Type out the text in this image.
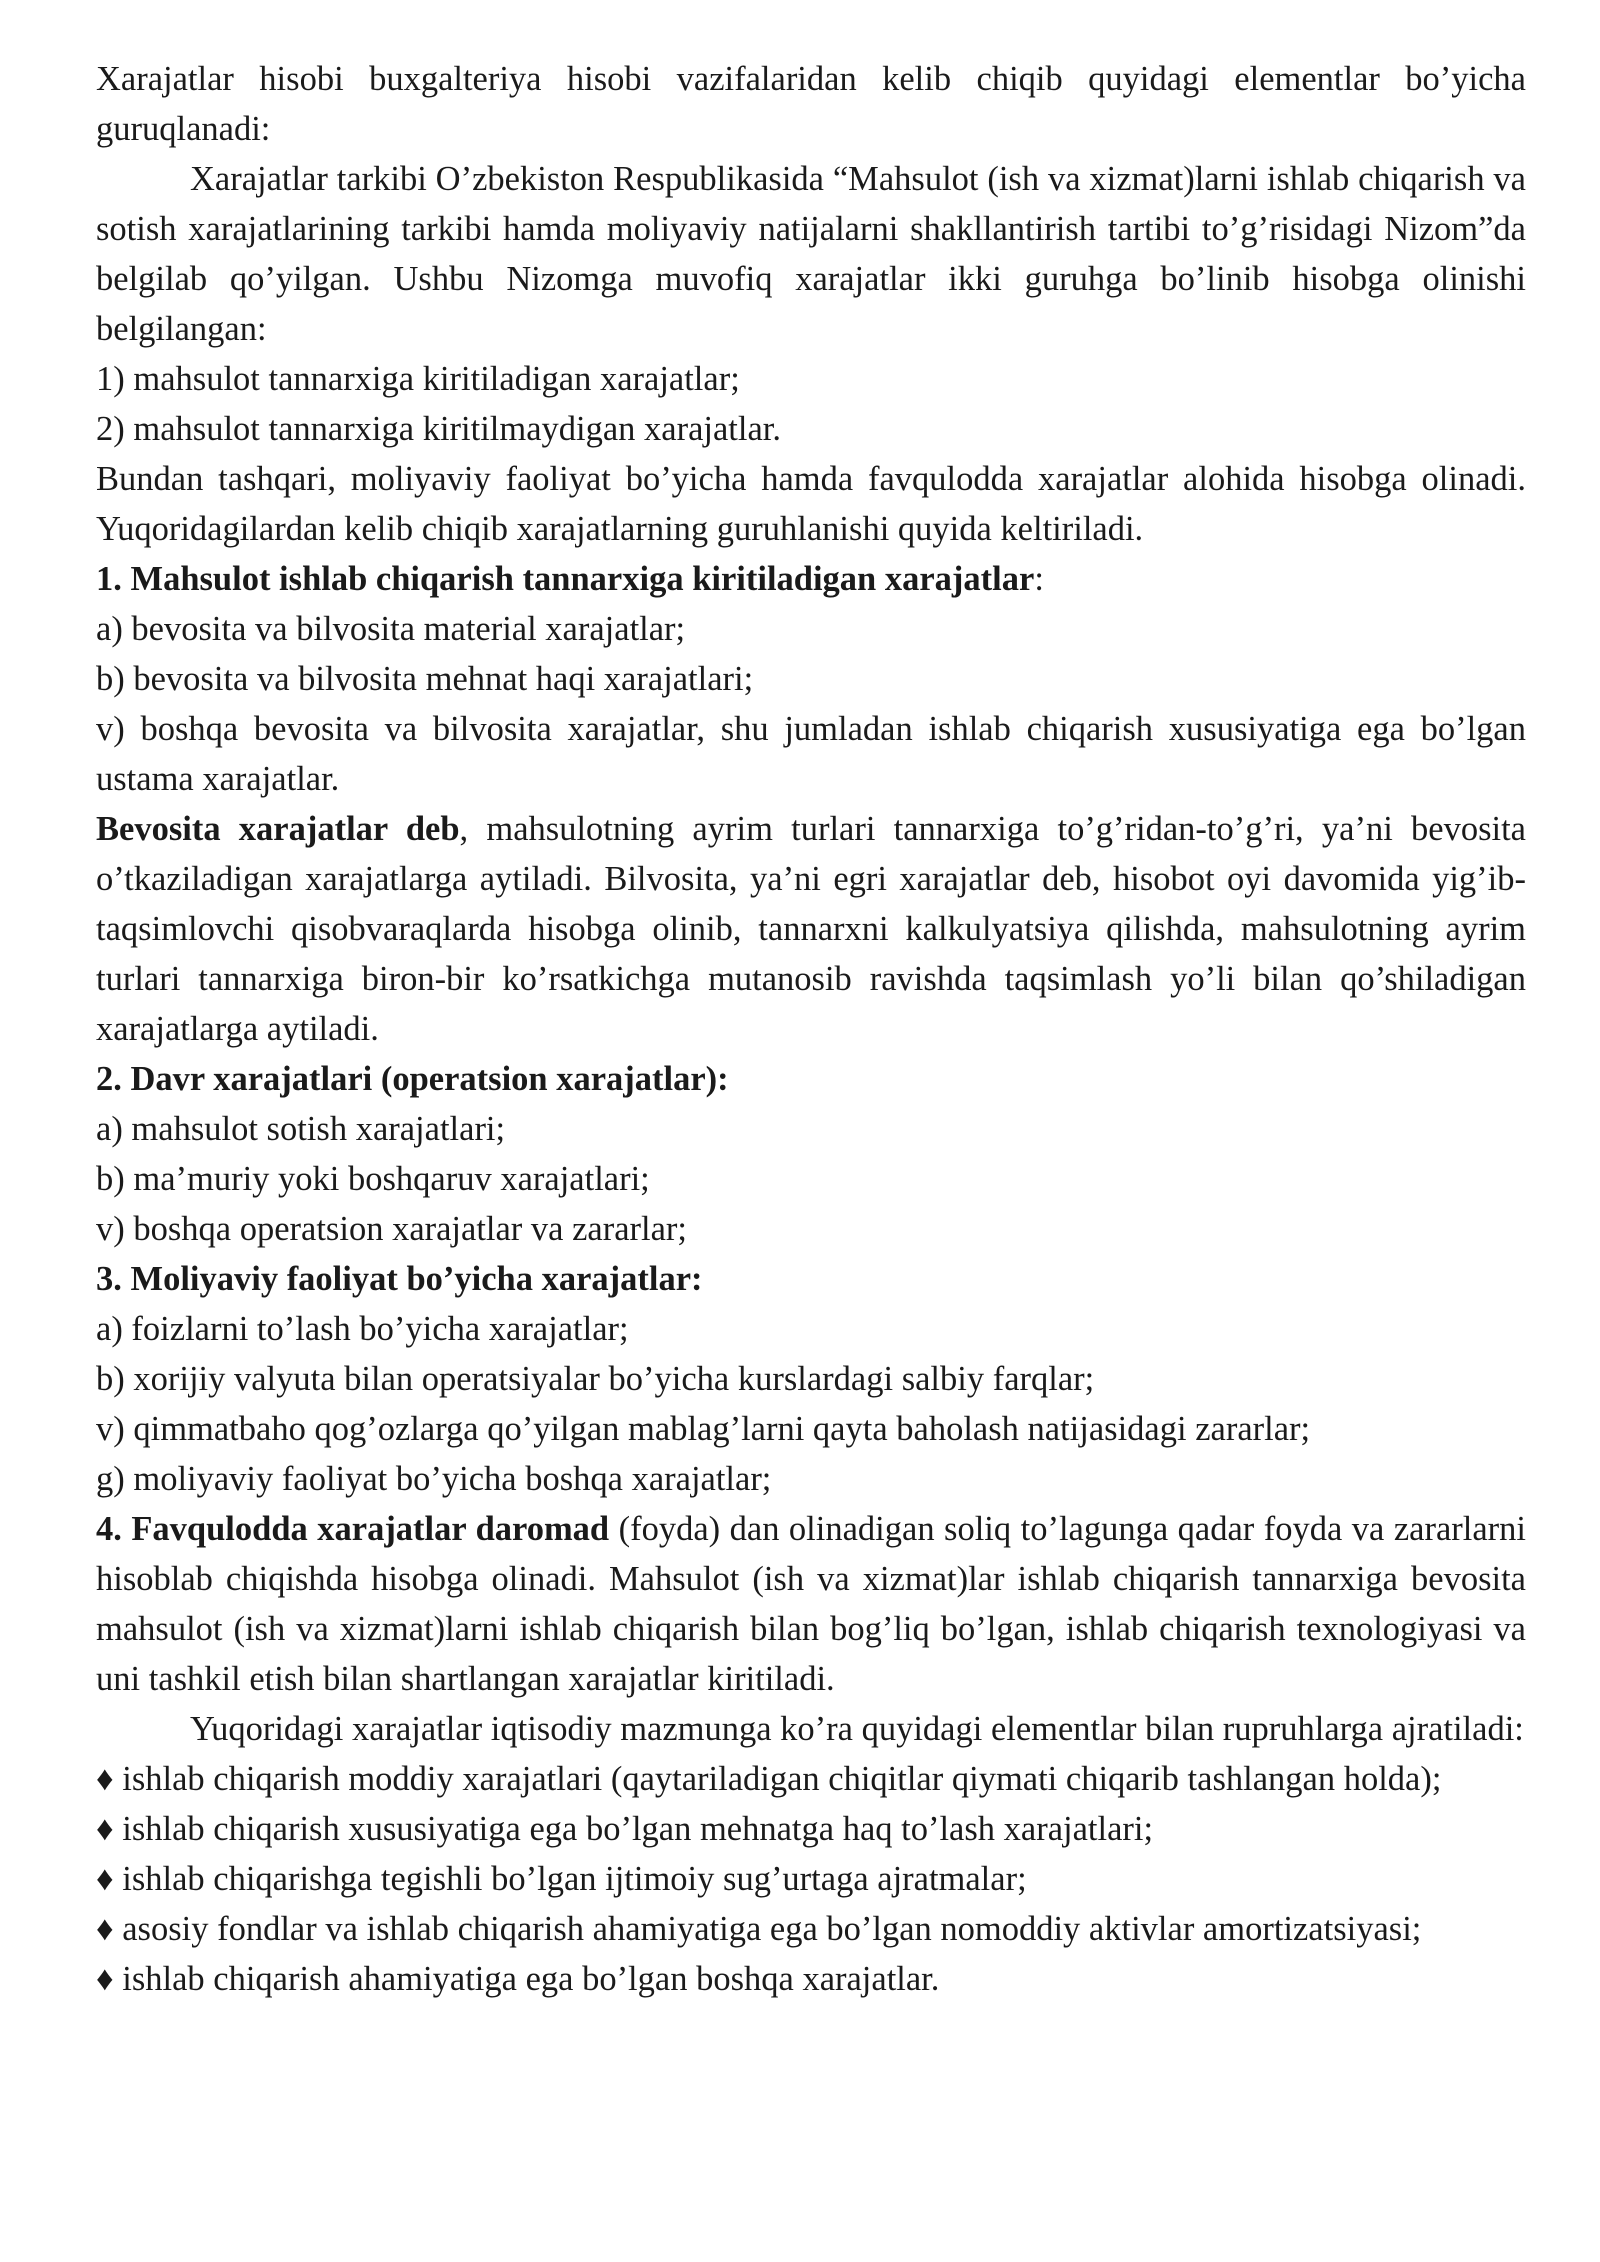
Xarajatlar hisobi buxgalteriya hisobi vazifalaridan kelib chiqib quyidagi elementlar bo’yicha guruqlanadi:

Xarajatlar tarkibi O’zbekiston Respublikasida “Mahsulot (ish va xizmat)larni ishlab chiqarish va sotish xarajatlarining tarkibi hamda moliyaviy natijalarni shakllantirish tartibi to’g’risidagi Nizom”da belgilab qo’yilgan. Ushbu Nizomga muvofiq xarajatlar ikki guruhga bo’linib hisobga olinishi belgilangan:

1) mahsulot tannarxiga kiritiladigan xarajatlar;

2) mahsulot tannarxiga kiritilmaydigan xarajatlar.

Bundan tashqari, moliyaviy faoliyat bo’yicha hamda favqulodda xarajatlar alohida hisobga olinadi. Yuqoridagilardan kelib chiqib xarajatlarning guruhlanishi quyida keltiriladi.

1. Mahsulot ishlab chiqarish tannarxiga kiritiladigan xarajatlar:

a) bevosita va bilvosita material xarajatlar;

b) bevosita va bilvosita mehnat haqi xarajatlari;

v) boshqa bevosita va bilvosita xarajatlar, shu jumladan ishlab chiqarish xususiyatiga ega bo’lgan ustama xarajatlar.

Bevosita xarajatlar deb, mahsulotning ayrim turlari tannarxiga to’g’ridan-to’g’ri, ya’ni bevosita o’tkaziladigan xarajatlarga aytiladi. Bilvosita, ya’ni egri xarajatlar deb, hisobot oyi davomida yig’ib-taqsimlovchi qisobvaraqlarda hisobga olinib, tannarxni kalkulyatsiya qilishda, mahsulotning ayrim turlari tannarxiga biron-bir ko’rsatkichga mutanosib ravishda taqsimlash yo’li bilan qo’shiladigan xarajatlarga aytiladi.

2. Davr xarajatlari (operatsion xarajatlar):

a) mahsulot sotish xarajatlari;

b) ma’muriy yoki boshqaruv xarajatlari;

v) boshqa operatsion xarajatlar va zararlar;

3. Moliyaviy faoliyat bo’yicha xarajatlar:

a) foizlarni to’lash bo’yicha xarajatlar;

b) xorijiy valyuta bilan operatsiyalar bo’yicha kurslardagi salbiy farqlar;

v) qimmatbaho qog’ozlarga qo’yilgan mablag’larni qayta baholash natijasidagi zararlar;

g) moliyaviy faoliyat bo’yicha boshqa xarajatlar;

4. Favqulodda xarajatlar daromad (foyda) dan olinadigan soliq to’lagunga qadar foyda va zararlarni hisoblab chiqishda hisobga olinadi. Mahsulot (ish va xizmat)lar ishlab chiqarish tannarxiga bevosita mahsulot (ish va xizmat)larni ishlab chiqarish bilan bog’liq bo’lgan, ishlab chiqarish texnologiyasi va uni tashkil etish bilan shartlangan xarajatlar kiritiladi.

Yuqoridagi xarajatlar iqtisodiy mazmunga ko’ra quyidagi elementlar bilan rupruhlarga ajratiladi:

♦ ishlab chiqarish moddiy xarajatlari (qaytariladigan chiqitlar qiymati chiqarib tashlangan holda);

♦ ishlab chiqarish xususiyatiga ega bo’lgan mehnatga haq to’lash xarajatlari;

♦ ishlab chiqarishga tegishli bo’lgan ijtimoiy sug’urtaga ajratmalar;

♦ asosiy fondlar va ishlab chiqarish ahamiyatiga ega bo’lgan nomoddiy aktivlar amortizatsiyasi;

♦ ishlab chiqarish ahamiyatiga ega bo’lgan boshqa xarajatlar.
